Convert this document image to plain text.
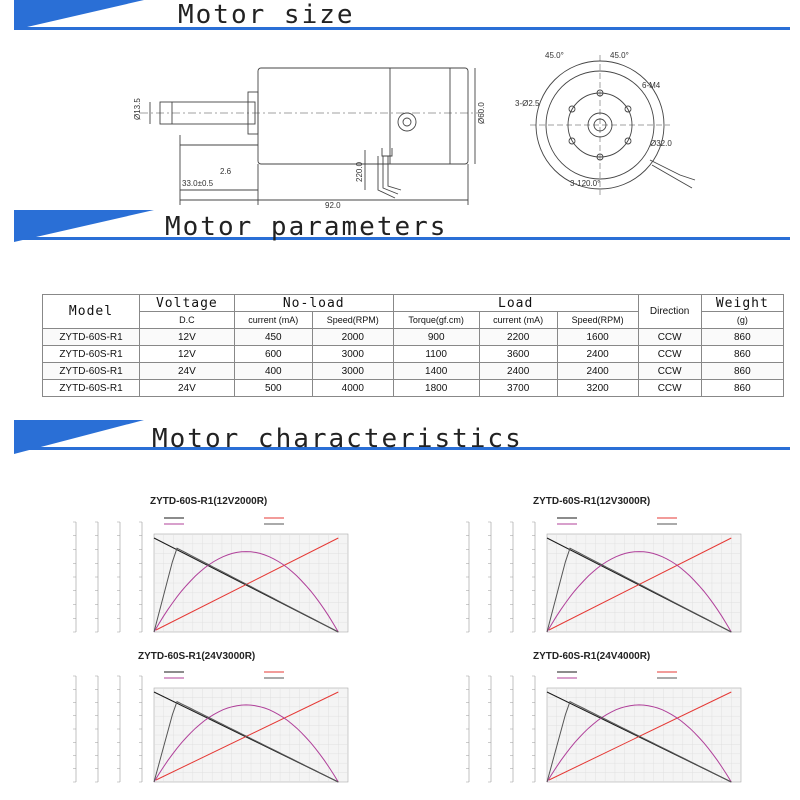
Motor size
Ø13.5	Ø60.0
2.6
33.0±0.5
92.0
220.0
45.0°	45.0°
6-M4
3-Ø2.5
Ø32.0
3-120.0°
Motor parameters
Model	Voltage	No-load		Load			Direction	Weight
	D.C	current (mA)	Speed(RPM)	Torque(gf.cm)	current (mA)	Speed(RPM)		(g)
ZYTD-60S-R1	12V	450	2000	900	2200	1600	CCW	860
ZYTD-60S-R1	12V	600	3000	1100	3600	2400	CCW	860
ZYTD-60S-R1	24V	400	3000	1400	2400	2400	CCW	860
ZYTD-60S-R1	24V	500	4000	1800	3700	3200	CCW	860
Motor characteristics
ZYTD-60S-R1(12V2000R)	ZYTD-60S-R1(12V3000R)
ZYTD-60S-R1(24V3000R)	ZYTD-60S-R1(24V4000R)
